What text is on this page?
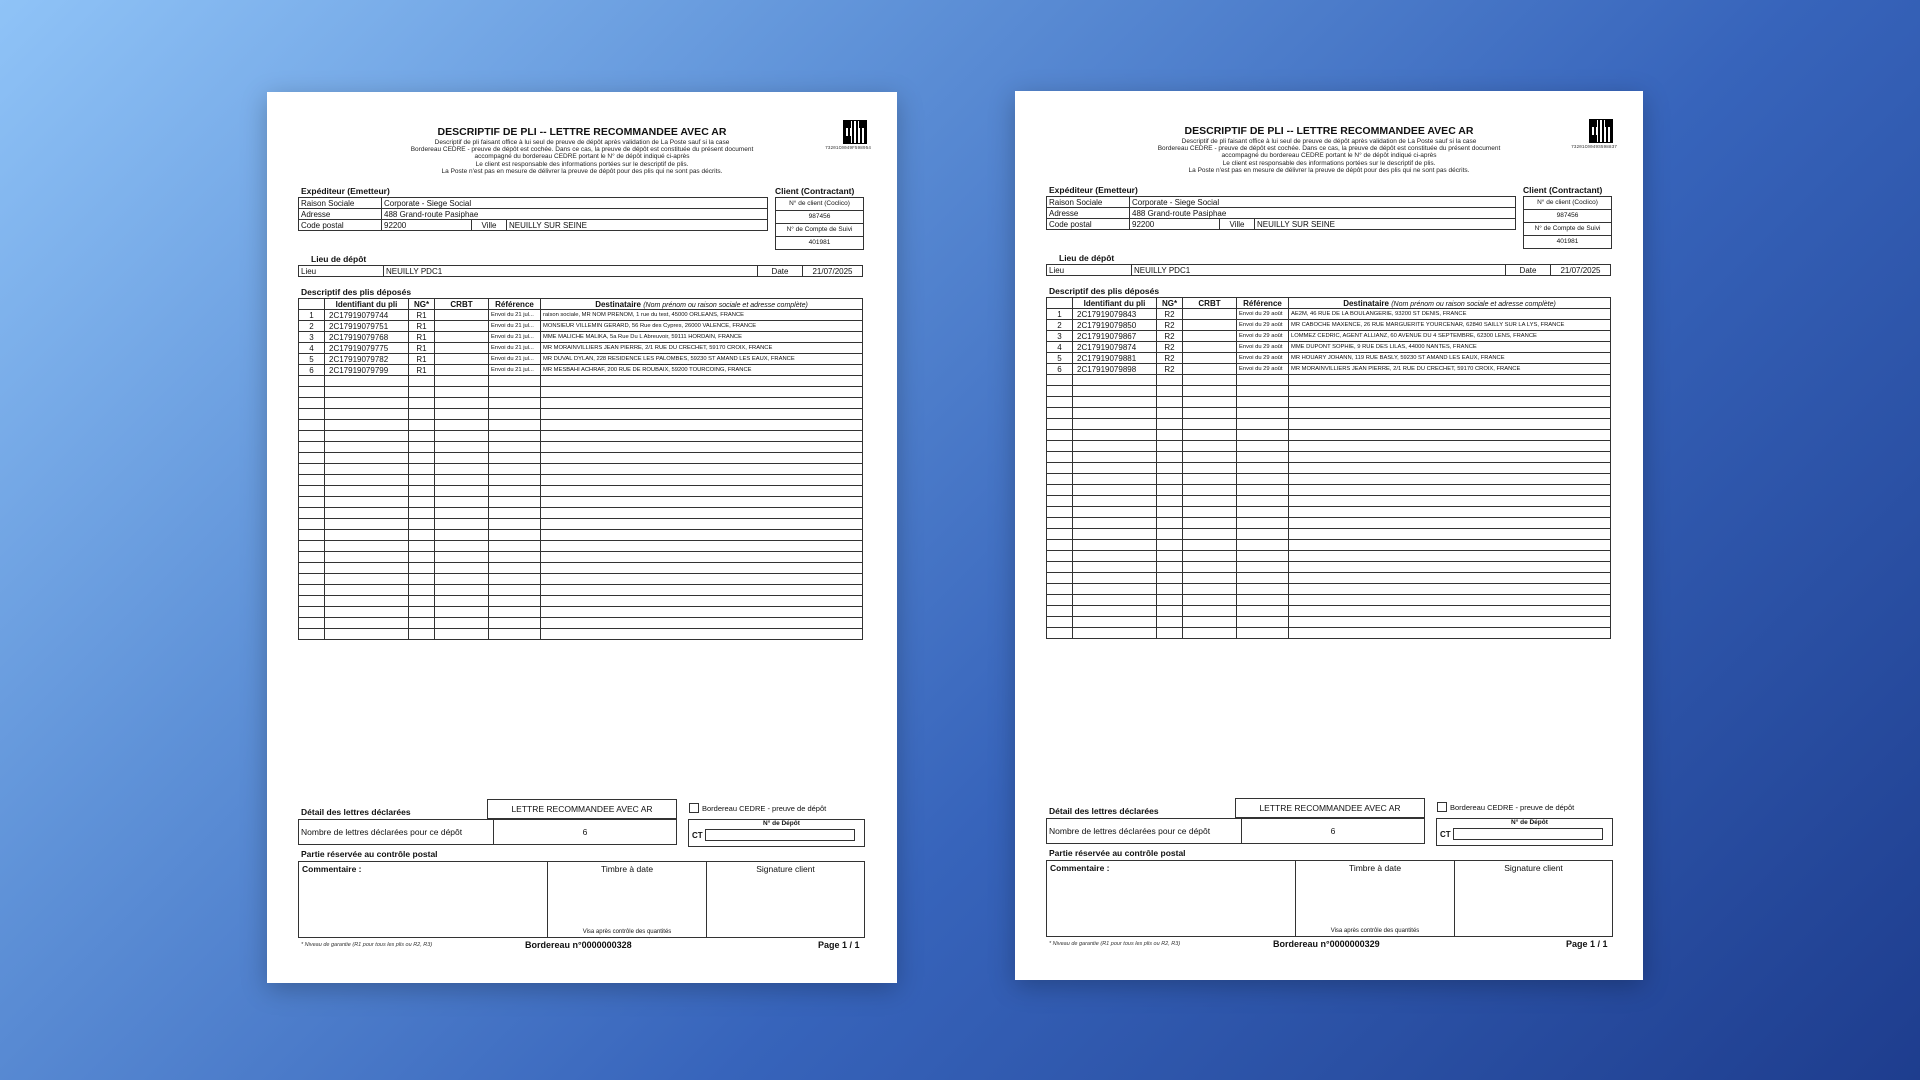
DESCRIPTIF DE PLI -- LETTRE RECOMMANDEE AVEC AR
73201C0049F598954
Descriptif de pli faisant office à lui seul de preuve de dépôt après validation de La Poste sauf si la case
Bordereau CEDRE - preuve de dépôt est cochée. Dans ce cas, la preuve de dépôt est constituée du présent document
accompagné du bordereau CEDRE portant le N° de dépôt indiqué ci-après
Le client est responsable des informations portées sur le descriptif de plis.
La Poste n'est pas en mesure de délivrer la preuve de dépôt pour des plis qui ne sont pas décrits.
Expéditeur (Emetteur)	Client (Contractant)
Raison Sociale	Corporate - Siege Social		
Adresse	488 Grand-route Pasiphae		
Code postal	92200	Ville	NEUILLY SUR SEINE
N° de client (Coclico)
987456
N° de Compte de Suivi
401981
Lieu de dépôt
Lieu	NEUILLY PDC1	Date	21/07/2025
Descriptif des plis déposés
	Identifiant du pli	NG*	CRBT	Référence	Destinataire (Nom prénom ou raison sociale et adresse complète)
1	2C17919079744	R1		Envoi du 21 jul...	raison sociale, MR NOM PRENOM, 1 rue du test, 45000 ORLEANS, FRANCE
2	2C17919079751	R1		Envoi du 21 jul...	MONSIEUR VILLEMIN GERARD, 56 Rue des Cypres, 26000 VALENCE, FRANCE
3	2C17919079768	R1		Envoi du 21 jul...	MME MALICHE MALIKA, 5a Rue Du L Abreuvoir, 59111 HORDAIN, FRANCE
4	2C17919079775	R1		Envoi du 21 jul...	MR MORAINVILLIERS JEAN PIERRE, 2/1 RUE DU CRECHET, 59170 CROIX, FRANCE
5	2C17919079782	R1		Envoi du 21 jul...	MR DUVAL DYLAN, 228 RESIDENCE LES PALOMBES, 59230 ST AMAND LES EAUX, FRANCE
6	2C17919079799	R1		Envoi du 21 jul...	MR MESBAHI ACHRAF, 200 RUE DE ROUBAIX, 59200 TOURCOING, FRANCE

Détail des lettres déclarées	LETTRE RECOMMANDEE AVEC AR
Nombre de lettres déclarées pour ce dépôt	6
Bordereau CEDRE - preuve de dépôt
N° de Dépôt
CT
Partie réservée au contrôle postal
Commentaire :	Timbre à date
Visa après contrôle des quantités
Signature client
* Niveau de garantie (R1 pour tous les plis ou R2, R3)	Bordereau n°0000000328	Page 1 / 1
DESCRIPTIF DE PLI -- LETTRE RECOMMANDEE AVEC AR
73201C0049S598837
Descriptif de pli faisant office à lui seul de preuve de dépôt après validation de La Poste sauf si la case
Bordereau CEDRE - preuve de dépôt est cochée. Dans ce cas, la preuve de dépôt est constituée du présent document
accompagné du bordereau CEDRE portant le N° de dépôt indiqué ci-après
Le client est responsable des informations portées sur le descriptif de plis.
La Poste n'est pas en mesure de délivrer la preuve de dépôt pour des plis qui ne sont pas décrits.
Expéditeur (Emetteur)	Client (Contractant)
Raison Sociale	Corporate - Siege Social		
Adresse	488 Grand-route Pasiphae		
Code postal	92200	Ville	NEUILLY SUR SEINE
N° de client (Coclico)
987456
N° de Compte de Suivi
401981
Lieu de dépôt
Lieu	NEUILLY PDC1	Date	21/07/2025
Descriptif des plis déposés
	Identifiant du pli	NG*	CRBT	Référence	Destinataire (Nom prénom ou raison sociale et adresse complète)
1	2C17919079843	R2		Envoi du 29 août	AE2M, 46 RUE DE LA BOULANGERIE, 93200 ST DENIS, FRANCE
2	2C17919079850	R2		Envoi du 29 août	MR CABOCHE MAXENCE, 26 RUE MARGUERITE YOURCENAR, 62840 SAILLY SUR LA LYS, FRANCE
3	2C17919079867	R2		Envoi du 29 août	LOMMEZ CEDRIC, AGENT ALLIANZ, 60 AVENUE DU 4 SEPTEMBRE, 62300 LENS, FRANCE
4	2C17919079874	R2		Envoi du 29 août	MME DUPONT SOPHIE, 9 RUE DES LILAS, 44000 NANTES, FRANCE
5	2C17919079881	R2		Envoi du 29 août	MR HOUARY JOHANN, 119 RUE BASLY, 59230 ST AMAND LES EAUX, FRANCE
6	2C17919079898	R2		Envoi du 29 août	MR MORAINVILLIERS JEAN PIERRE, 2/1 RUE DU CRECHET, 59170 CROIX, FRANCE

Détail des lettres déclarées	LETTRE RECOMMANDEE AVEC AR
Nombre de lettres déclarées pour ce dépôt	6
Bordereau CEDRE - preuve de dépôt
N° de Dépôt
CT
Partie réservée au contrôle postal
Commentaire :	Timbre à date
Visa après contrôle des quantités
Signature client
* Niveau de garantie (R1 pour tous les plis ou R2, R3)	Bordereau n°0000000329	Page 1 / 1
